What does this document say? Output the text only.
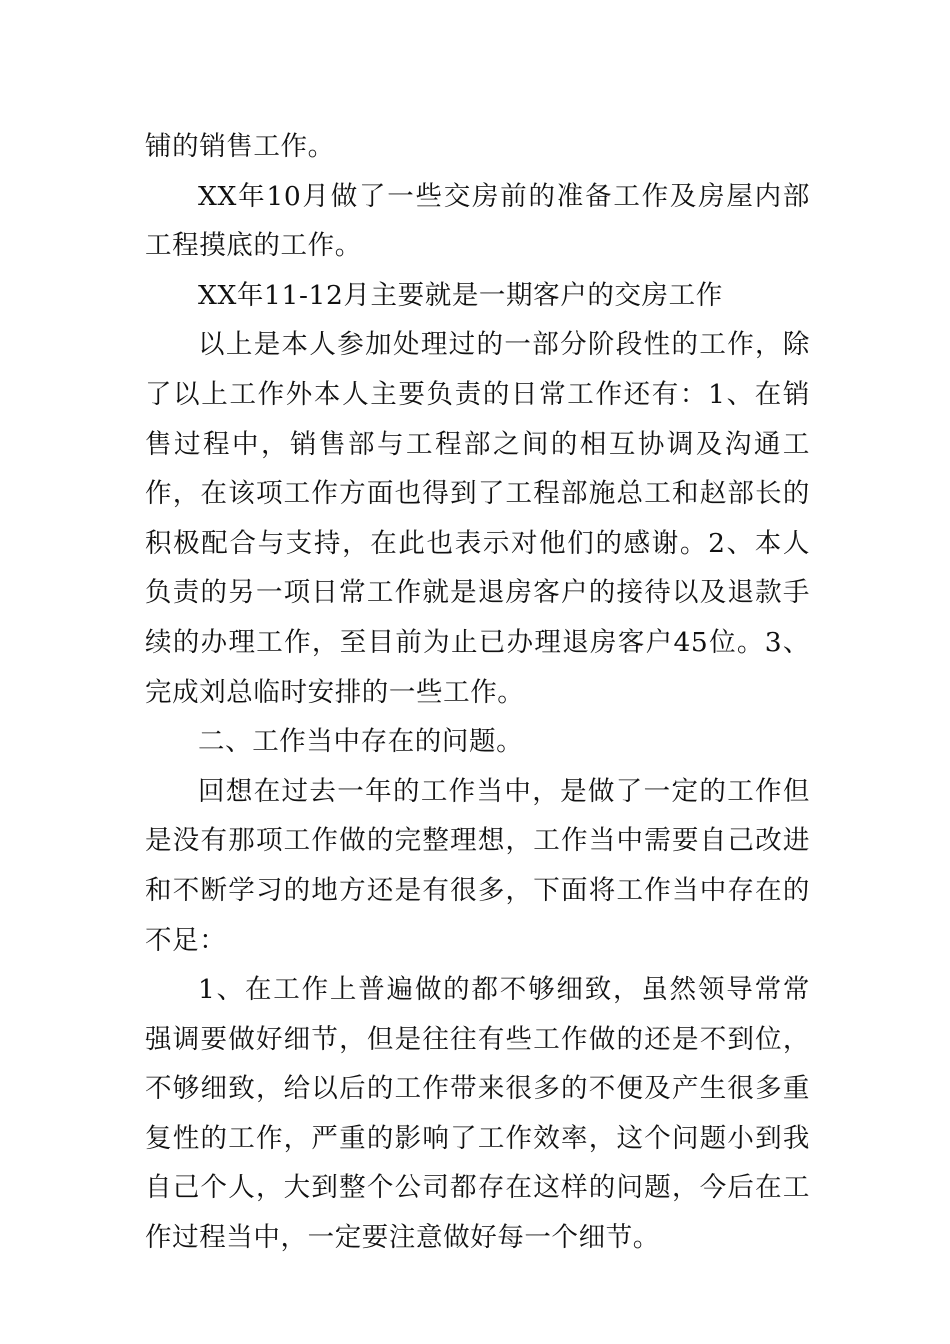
铺的销售工作。

XX年10月做了一些交房前的准备工作及房屋内部工程摸底的工作。

XX年11-12月主要就是一期客户的交房工作

以上是本人参加处理过的一部分阶段性的工作，除了以上工作外本人主要负责的日常工作还有：1、在销售过程中，销售部与工程部之间的相互协调及沟通工作，在该项工作方面也得到了工程部施总工和赵部长的积极配合与支持，在此也表示对他们的感谢。2、本人负责的另一项日常工作就是退房客户的接待以及退款手续的办理工作，至目前为止已办理退房客户45位。3、完成刘总临时安排的一些工作。

二、工作当中存在的问题。

回想在过去一年的工作当中，是做了一定的工作但是没有那项工作做的完整理想，工作当中需要自己改进和不断学习的地方还是有很多，下面将工作当中存在的不足：

1、在工作上普遍做的都不够细致，虽然领导常常强调要做好细节，但是往往有些工作做的还是不到位，不够细致，给以后的工作带来很多的不便及产生很多重复性的工作，严重的影响了工作效率，这个问题小到我自己个人，大到整个公司都存在这样的问题，今后在工作过程当中，一定要注意做好每一个细节。
